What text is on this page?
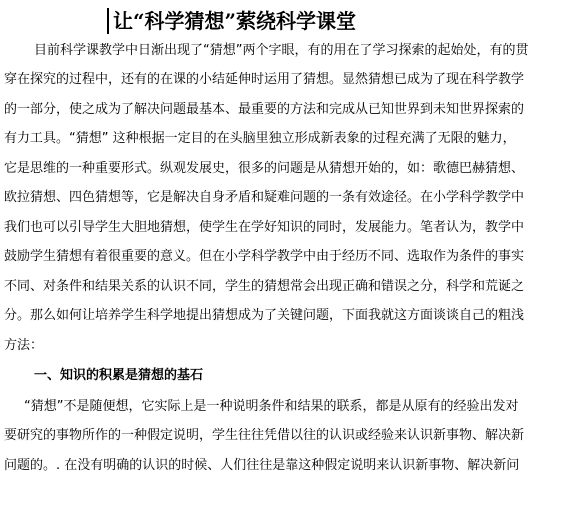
让“科学猜想”萦绕科学课堂

目前科学课教学中日渐出现了“猜想”两个字眼，有的用在了学习探索的起始处，有的贯

穿在探究的过程中，还有的在课的小结延伸时运用了猜想。显然猜想已成为了现在科学教学

的一部分，使之成为了解决问题最基本、最重要的方法和完成从已知世界到未知世界探索的

有力工具。“猜想” 这种根据一定目的在头脑里独立形成新表象的过程充满了无限的魅力，

它是思维的一种重要形式。纵观发展史，很多的问题是从猜想开始的，如：歌德巴赫猜想、

欧拉猜想、四色猜想等，它是解决自身矛盾和疑难问题的一条有效途径。在小学科学教学中

我们也可以引导学生大胆地猜想，使学生在学好知识的同时，发展能力。笔者认为，教学中

鼓励学生猜想有着很重要的意义。但在小学科学教学中由于经历不同、选取作为条件的事实

不同、对条件和结果关系的认识不同，学生的猜想常会出现正确和错误之分，科学和荒诞之

分。那么如何让培养学生科学地提出猜想成为了关键问题，下面我就这方面谈谈自己的粗浅

方法：

一、知识的积累是猜想的基石

“猜想”不是随便想，它实际上是一种说明条件和结果的联系，都是从原有的经验出发对

要研究的事物所作的一种假定说明，学生往往凭借以往的认识或经验来认识新事物、解决新

问题的。. 在没有明确的认识的时候、人们往往是靠这种假定说明来认识新事物、解决新问
